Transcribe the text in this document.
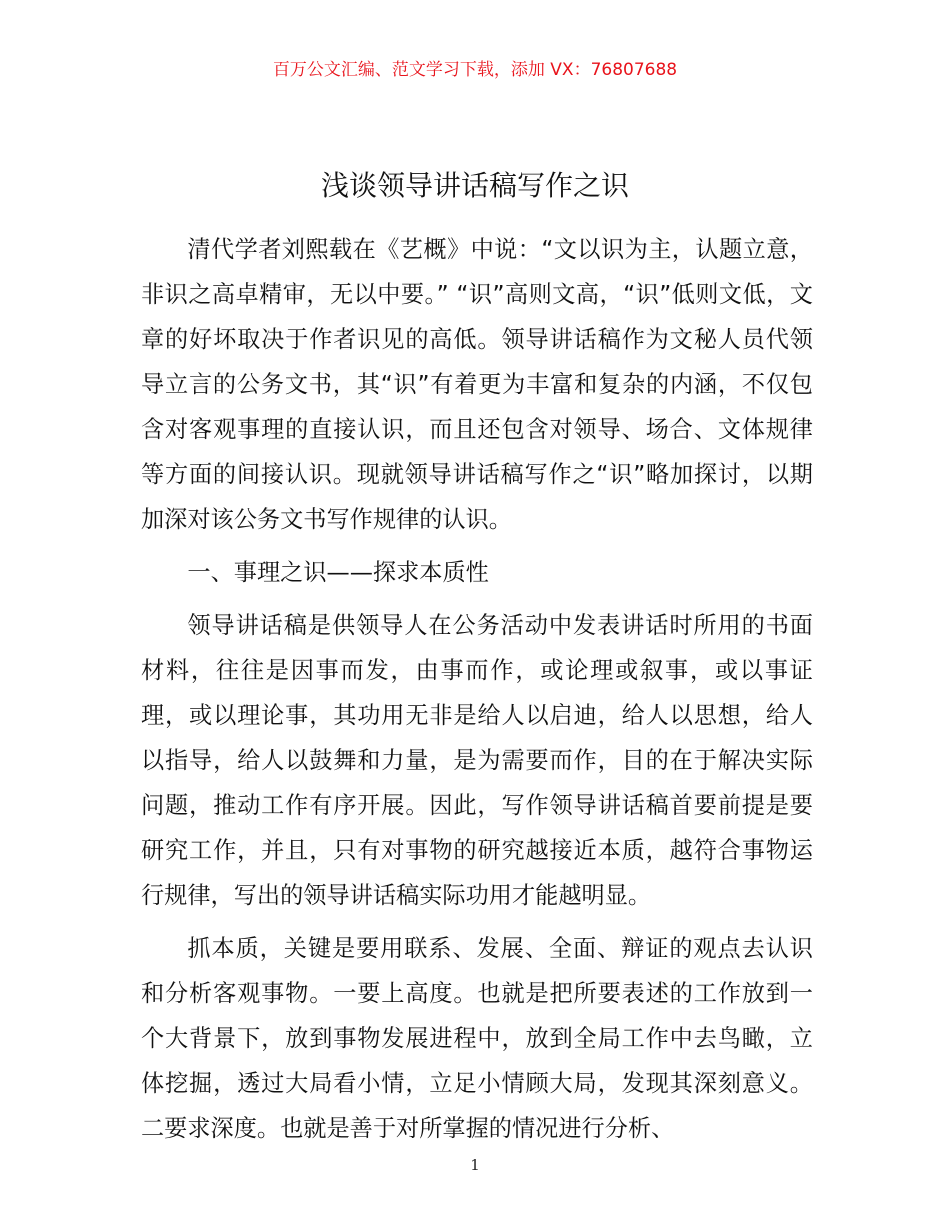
百万公文汇编、范文学习下载，添加 VX：76807688
浅谈领导讲话稿写作之识

清代学者刘熙载在《艺概》中说：“文以识为主，认题立意，非识之高卓精审，无以中要。” “识”高则文高，“识”低则文低，文章的好坏取决于作者识见的高低。领导讲话稿作为文秘人员代领导立言的公务文书，其“识”有着更为丰富和复杂的内涵，不仅包含对客观事理的直接认识，而且还包含对领导、场合、文体规律等方面的间接认识。现就领导讲话稿写作之“识”略加探讨，以期加深对该公务文书写作规律的认识。

一、事理之识——探求本质性

领导讲话稿是供领导人在公务活动中发表讲话时所用的书面材料，往往是因事而发，由事而作，或论理或叙事，或以事证理，或以理论事，其功用无非是给人以启迪，给人以思想，给人以指导，给人以鼓舞和力量，是为需要而作，目的在于解决实际问题，推动工作有序开展。因此，写作领导讲话稿首要前提是要研究工作，并且，只有对事物的研究越接近本质，越符合事物运行规律，写出的领导讲话稿实际功用才能越明显。

抓本质，关键是要用联系、发展、全面、辩证的观点去认识和分析客观事物。一要上高度。也就是把所要表述的工作放到一个大背景下，放到事物发展进程中，放到全局工作中去鸟瞰，立体挖掘，透过大局看小情，立足小情顾大局，发现其深刻意义。二要求深度。也就是善于对所掌握的情况进行分析、

1
